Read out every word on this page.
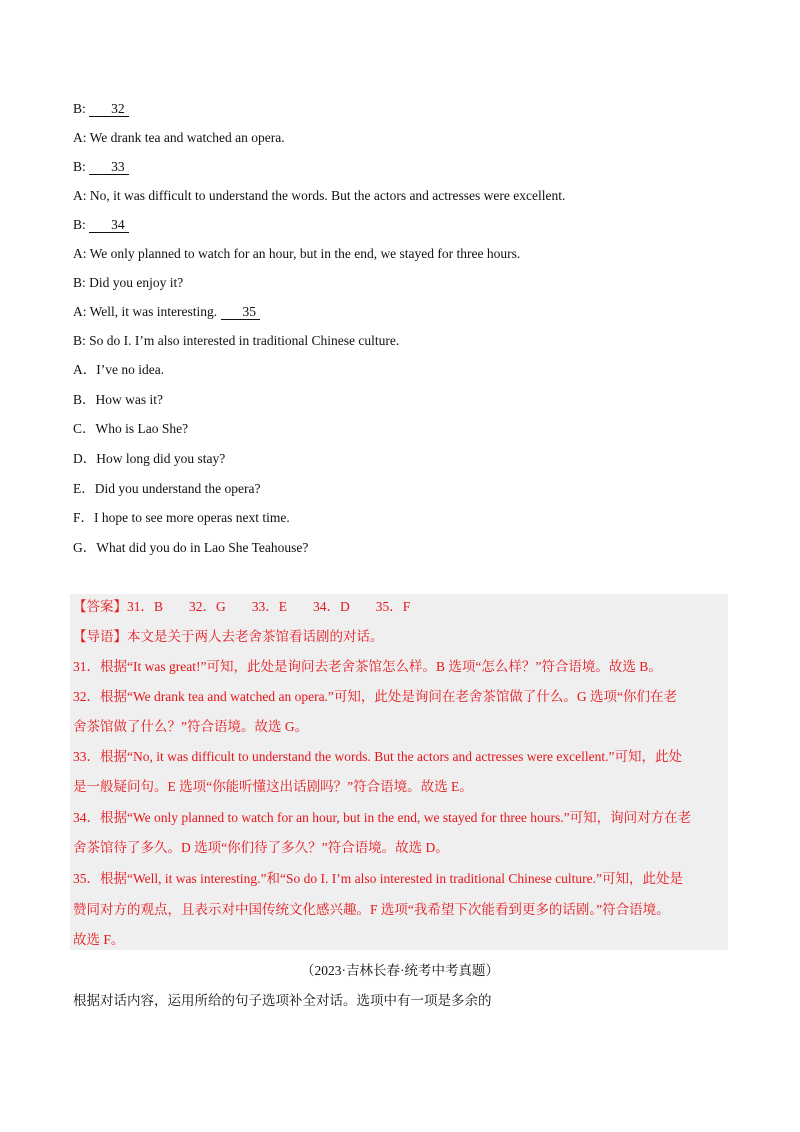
B: 32
A: We drank tea and watched an opera.
B: 33
A: No, it was difficult to understand the words. But the actors and actresses were excellent.
B: 34
A: We only planned to watch for an hour, but in the end, we stayed for three hours.
B: Did you enjoy it?
A: Well, it was interesting. 35
B: So do I. I’m also interested in traditional Chinese culture.
A．I’ve no idea.
B．How was it?
C．Who is Lao She?
D．How long did you stay?
E．Did you understand the opera?
F．I hope to see more operas next time.
G．What did you do in Lao She Teahouse?
【答案】31．B 32．G 33．E 34．D 35．F
【导语】本文是关于两人去老舍茶馆看话剧的对话。
31．根据“It was great!”可知，此处是询问去老舍茶馆怎么样。B 选项“怎么样？”符合语境。故选 B。
32．根据“We drank tea and watched an opera.”可知，此处是询问在老舍茶馆做了什么。G 选项“你们在老
舍茶馆做了什么？”符合语境。故选 G。
33．根据“No, it was difficult to understand the words. But the actors and actresses were excellent.”可知，此处
是一般疑问句。E 选项“你能听懂这出话剧吗？”符合语境。故选 E。
34．根据“We only planned to watch for an hour, but in the end, we stayed for three hours.”可知，询问对方在老
舍茶馆待了多久。D 选项“你们待了多久？”符合语境。故选 D。
35．根据“Well, it was interesting.”和“So do I. I’m also interested in traditional Chinese culture.”可知，此处是
赞同对方的观点，且表示对中国传统文化感兴趣。F 选项“我希望下次能看到更多的话剧。”符合语境。
故选 F。
（2023·吉林长春·统考中考真题）
根据对话内容，运用所给的句子选项补全对话。选项中有一项是多余的
